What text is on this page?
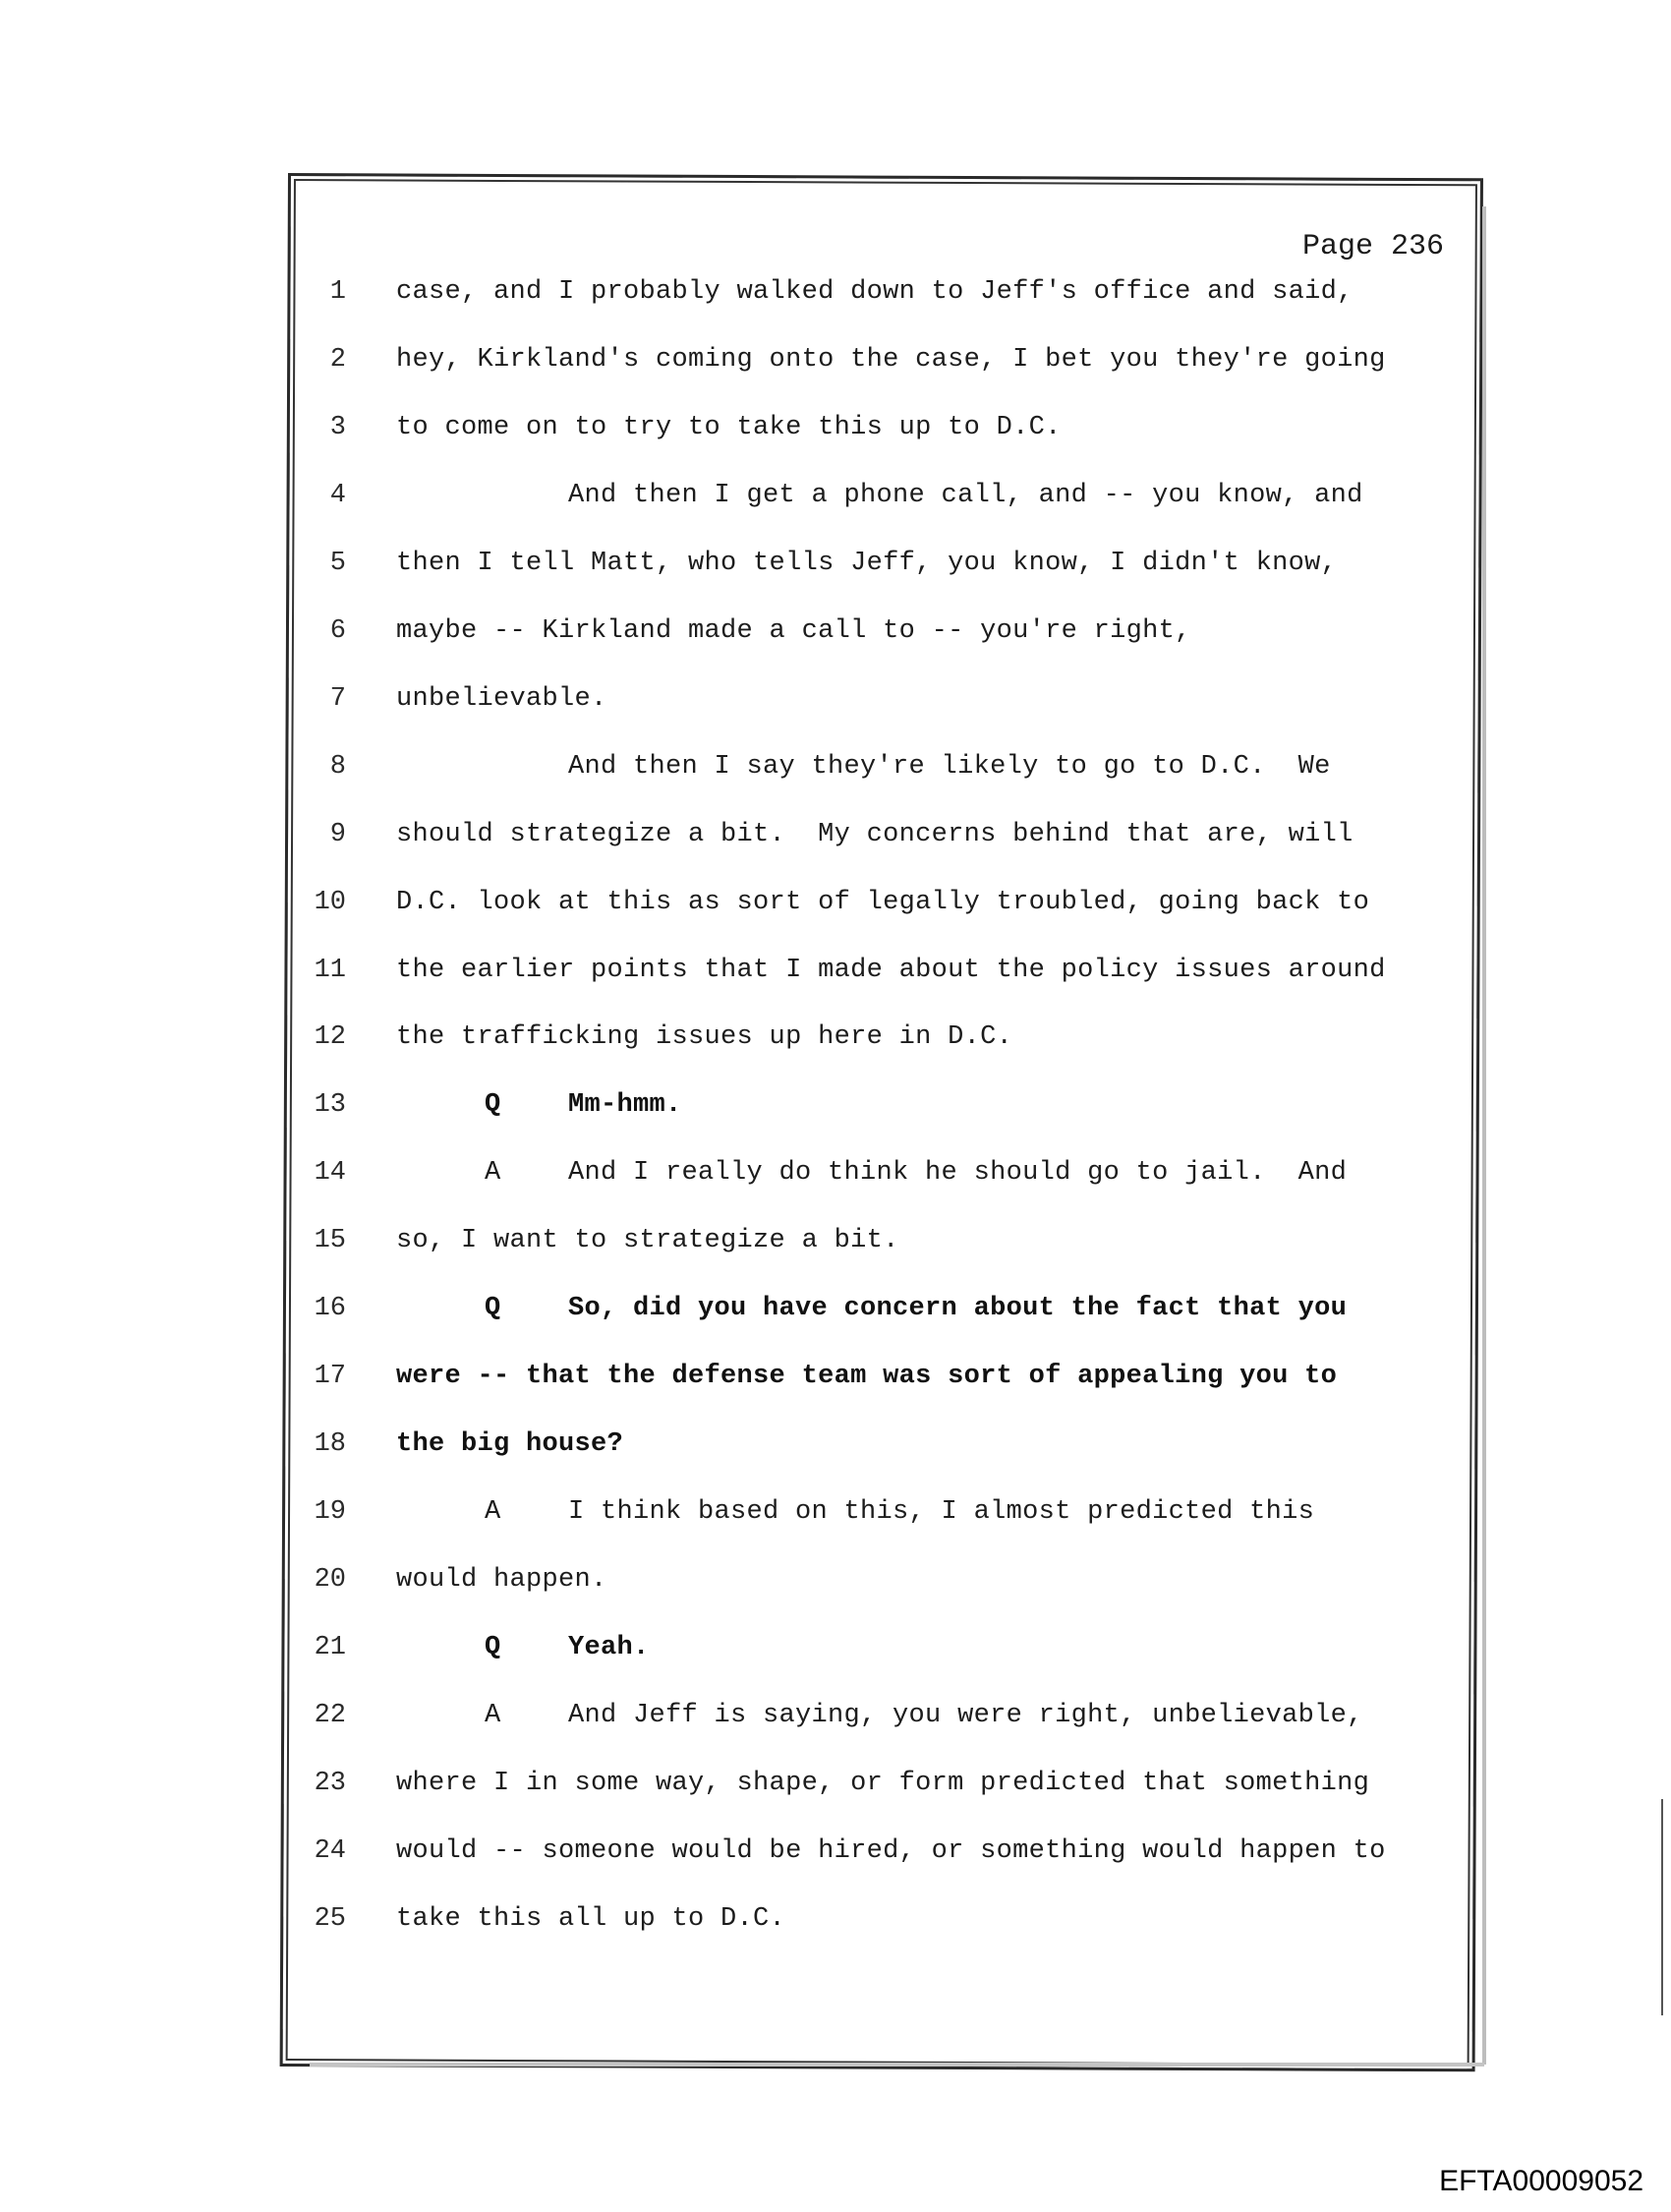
Page 236
1 case, and I probably walked down to Jeff's office and said,
2 hey, Kirkland's coming onto the case, I bet you they're going
3 to come on to try to take this up to D.C.
4	And then I get a phone call, and -- you know, and
5 then I tell Matt, who tells Jeff, you know, I didn't know,
6 maybe -- Kirkland made a call to -- you're right,
7 unbelievable.
8	And then I say they're likely to go to D.C.  We
9 should strategize a bit.  My concerns behind that are, will
10 D.C. look at this as sort of legally troubled, going back to
11 the earlier points that I made about the policy issues around
12 the trafficking issues up here in D.C.
13	Q	Mm-hmm.
14	A	And I really do think he should go to jail.  And
15 so, I want to strategize a bit.
16	Q	So, did you have concern about the fact that you
17 were -- that the defense team was sort of appealing you to
18 the big house?
19	A	I think based on this, I almost predicted this
20 would happen.
21	Q	Yeah.
22	A	And Jeff is saying, you were right, unbelievable,
23 where I in some way, shape, or form predicted that something
24 would -- someone would be hired, or something would happen to
25 take this all up to D.C.
EFTA00009052
